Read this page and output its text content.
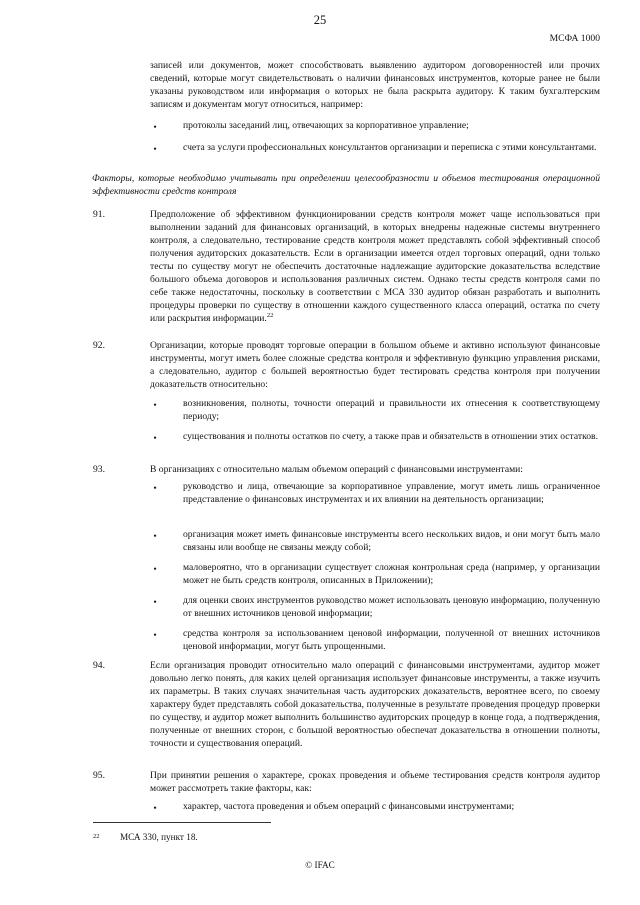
25
МСФА 1000
записей или документов, может способствовать выявлению аудитором договоренностей или прочих сведений, которые могут свидетельствовать о наличии финансовых инструментов, которые ранее не были указаны руководством или информация о которых не была раскрыта аудитору. К таким бухгалтерским записям и документам могут относиться, например:
•	протоколы заседаний лиц, отвечающих за корпоративное управление;
•	счета за услуги профессиональных консультантов организации и переписка с этими консультантами.
Факторы, которые необходимо учитывать при определении целесообразности и объемов тестирования операционной эффективности средств контроля
91.	Предположение об эффективном функционировании средств контроля может чаще использоваться при выполнении заданий для финансовых организаций, в которых внедрены надежные системы внутреннего контроля, а следовательно, тестирование средств контроля может представлять собой эффективный способ получения аудиторских доказательств. Если в организации имеется отдел торговых операций, одни только тесты по существу могут не обеспечить достаточные надлежащие аудиторские доказательства вследствие большого объема договоров и использования различных систем. Однако тесты средств контроля сами по себе также недостаточны, поскольку в соответствии с МСА 330 аудитор обязан разработать и выполнить процедуры проверки по существу в отношении каждого существенного класса операций, остатка по счету или раскрытия информации.$^{22}$
92.	Организации, которые проводят торговые операции в большом объеме и активно используют финансовые инструменты, могут иметь более сложные средства контроля и эффективную функцию управления рисками, а следовательно, аудитор с большей вероятностью будет тестировать средства контроля при получении доказательств относительно:
•	возникновения, полноты, точности операций и правильности их отнесения к соответствующему периоду;
•	существования и полноты остатков по счету, а также прав и обязательств в отношении этих остатков.
93.	В организациях с относительно малым объемом операций с финансовыми инструментами:
•	руководство и лица, отвечающие за корпоративное управление, могут иметь лишь ограниченное представление о финансовых инструментах и их влиянии на деятельность организации;
•	организация может иметь финансовые инструменты всего нескольких видов, и они могут быть мало связаны или вообще не связаны между собой;
•	маловероятно, что в организации существует сложная контрольная среда (например, у организации может не быть средств контроля, описанных в Приложении);
•	для оценки своих инструментов руководство может использовать ценовую информацию, полученную от внешних источников ценовой информации;
•	средства контроля за использованием ценовой информации, полученной от внешних источников ценовой информации, могут быть упрощенными.
94.	Если организация проводит относительно мало операций с финансовыми инструментами, аудитор может довольно легко понять, для каких целей организация использует финансовые инструменты, а также изучить их параметры. В таких случаях значительная часть аудиторских доказательств, вероятнее всего, по своему характеру будет представлять собой доказательства, полученные в результате проведения процедур проверки по существу, и аудитор может выполнить большинство аудиторских процедур в конце года, а подтверждения, полученные от внешних сторон, с большой вероятностью обеспечат доказательства в отношении полноты, точности и существования операций.
95.	При принятии решения о характере, сроках проведения и объеме тестирования средств контроля аудитор может рассмотреть такие факторы, как:
•	характер, частота проведения и объем операций с финансовыми инструментами;
22 МСА 330, пункт 18.
© IFAC
